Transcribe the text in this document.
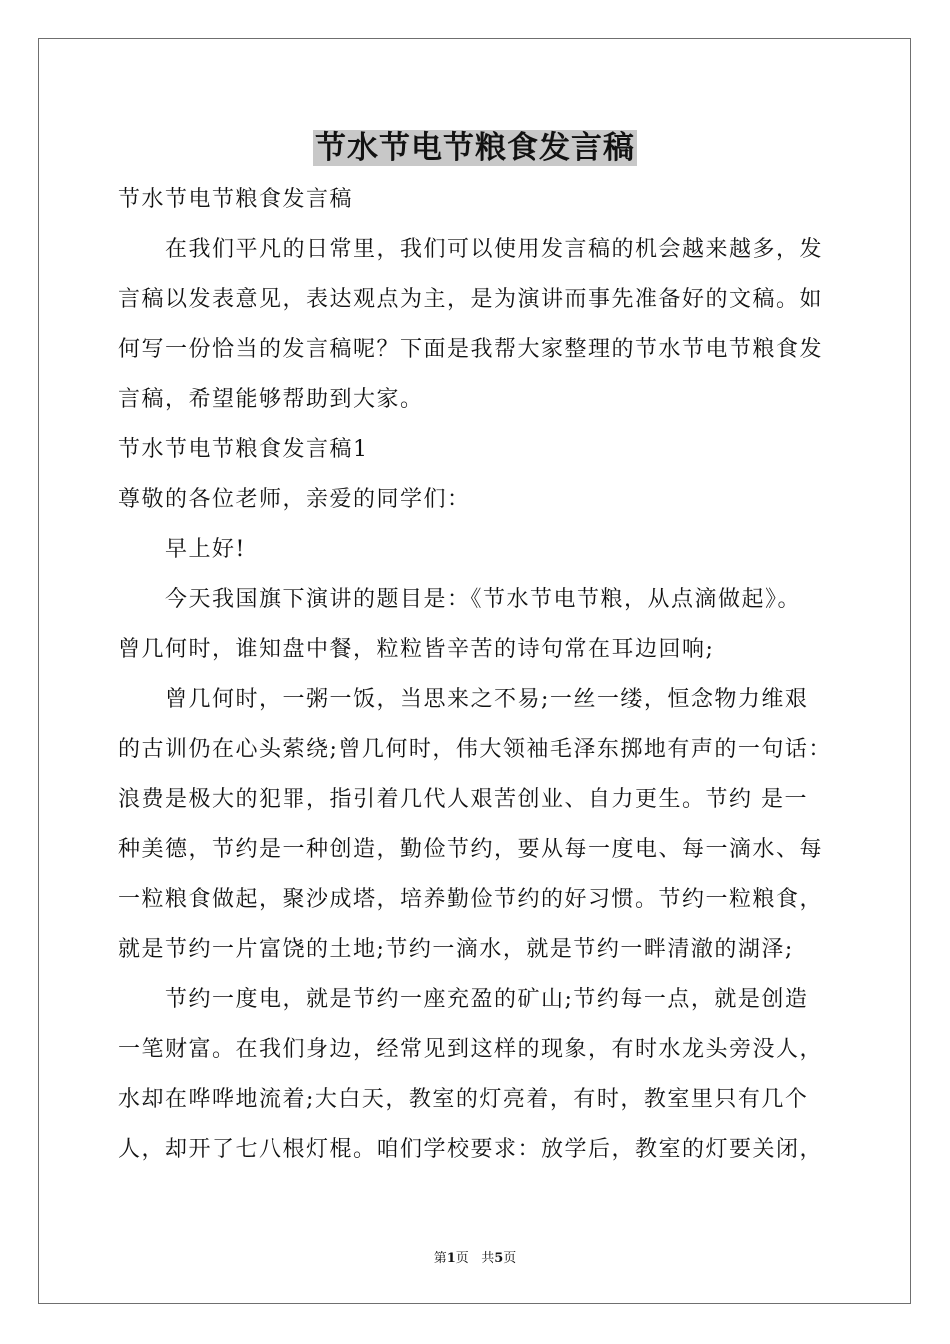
节水节电节粮食发言稿
节水节电节粮食发言稿
在我们平凡的日常里，我们可以使用发言稿的机会越来越多，发
言稿以发表意见，表达观点为主，是为演讲而事先准备好的文稿。如
何写一份恰当的发言稿呢？下面是我帮大家整理的节水节电节粮食发
言稿，希望能够帮助到大家。
节水节电节粮食发言稿1
尊敬的各位老师，亲爱的同学们：
早上好!
今天我国旗下演讲的题目是：《节水节电节粮，从点滴做起》。
曾几何时，谁知盘中餐，粒粒皆辛苦的诗句常在耳边回响;
曾几何时，一粥一饭，当思来之不易;一丝一缕，恒念物力维艰
的古训仍在心头萦绕;曾几何时，伟大领袖毛泽东掷地有声的一句话：
浪费是极大的犯罪，指引着几代人艰苦创业、自力更生。节约 是一
种美德，节约是一种创造，勤俭节约，要从每一度电、每一滴水、每
一粒粮食做起，聚沙成塔，培养勤俭节约的好习惯。节约一粒粮食，
就是节约一片富饶的土地;节约一滴水，就是节约一畔清澈的湖泽;
节约一度电，就是节约一座充盈的矿山;节约每一点，就是创造
一笔财富。在我们身边，经常见到这样的现象，有时水龙头旁没人，
水却在哗哗地流着;大白天，教室的灯亮着，有时，教室里只有几个
人，却开了七八根灯棍。咱们学校要求：放学后，教室的灯要关闭，
第1页 共5页
